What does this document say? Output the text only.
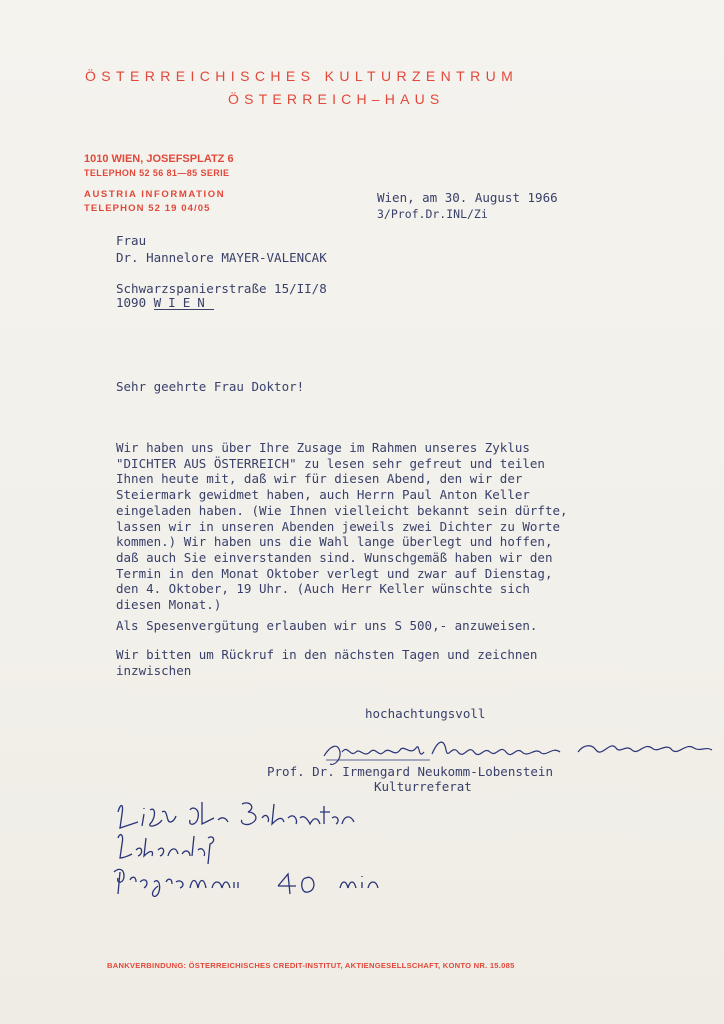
ÖSTERREICHISCHES KULTURZENTRUM
ÖSTERREICH–HAUS
1010 WIEN, JOSEFSPLATZ 6
TELEPHON 52 56 81—85 SERIE
AUSTRIA INFORMATION
TELEPHON 52 19 04/05
Wien, am 30. August 1966
3/Prof.Dr.INL/Zi
Frau
Dr. Hannelore MAYER-VALENCAK
Schwarzspanierstraße 15/II/8
1090 WIEN
Sehr geehrte Frau Doktor!
Wir haben uns über Ihre Zusage im Rahmen unseres Zyklus
"DICHTER AUS ÖSTERREICH" zu lesen sehr gefreut und teilen
Ihnen heute mit, daß wir für diesen Abend, den wir der
Steiermark gewidmet haben, auch Herrn Paul Anton Keller
eingeladen haben. (Wie Ihnen vielleicht bekannt sein dürfte,
lassen wir in unseren Abenden jeweils zwei Dichter zu Worte
kommen.) Wir haben uns die Wahl lange überlegt und hoffen,
daß auch Sie einverstanden sind. Wunschgemäß haben wir den
Termin in den Monat Oktober verlegt und zwar auf Dienstag,
den 4. Oktober, 19 Uhr. (Auch Herr Keller wünschte sich
diesen Monat.)
Als Spesenvergütung erlauben wir uns S 500,- anzuweisen.
Wir bitten um Rückruf in den nächsten Tagen und zeichnen
inzwischen
hochachtungsvoll
Prof. Dr. Irmengard Neukomm-Lobenstein
Kulturreferat
BANKVERBINDUNG: ÖSTERREICHISCHES CREDIT-INSTITUT, AKTIENGESELLSCHAFT, KONTO NR. 15.085
